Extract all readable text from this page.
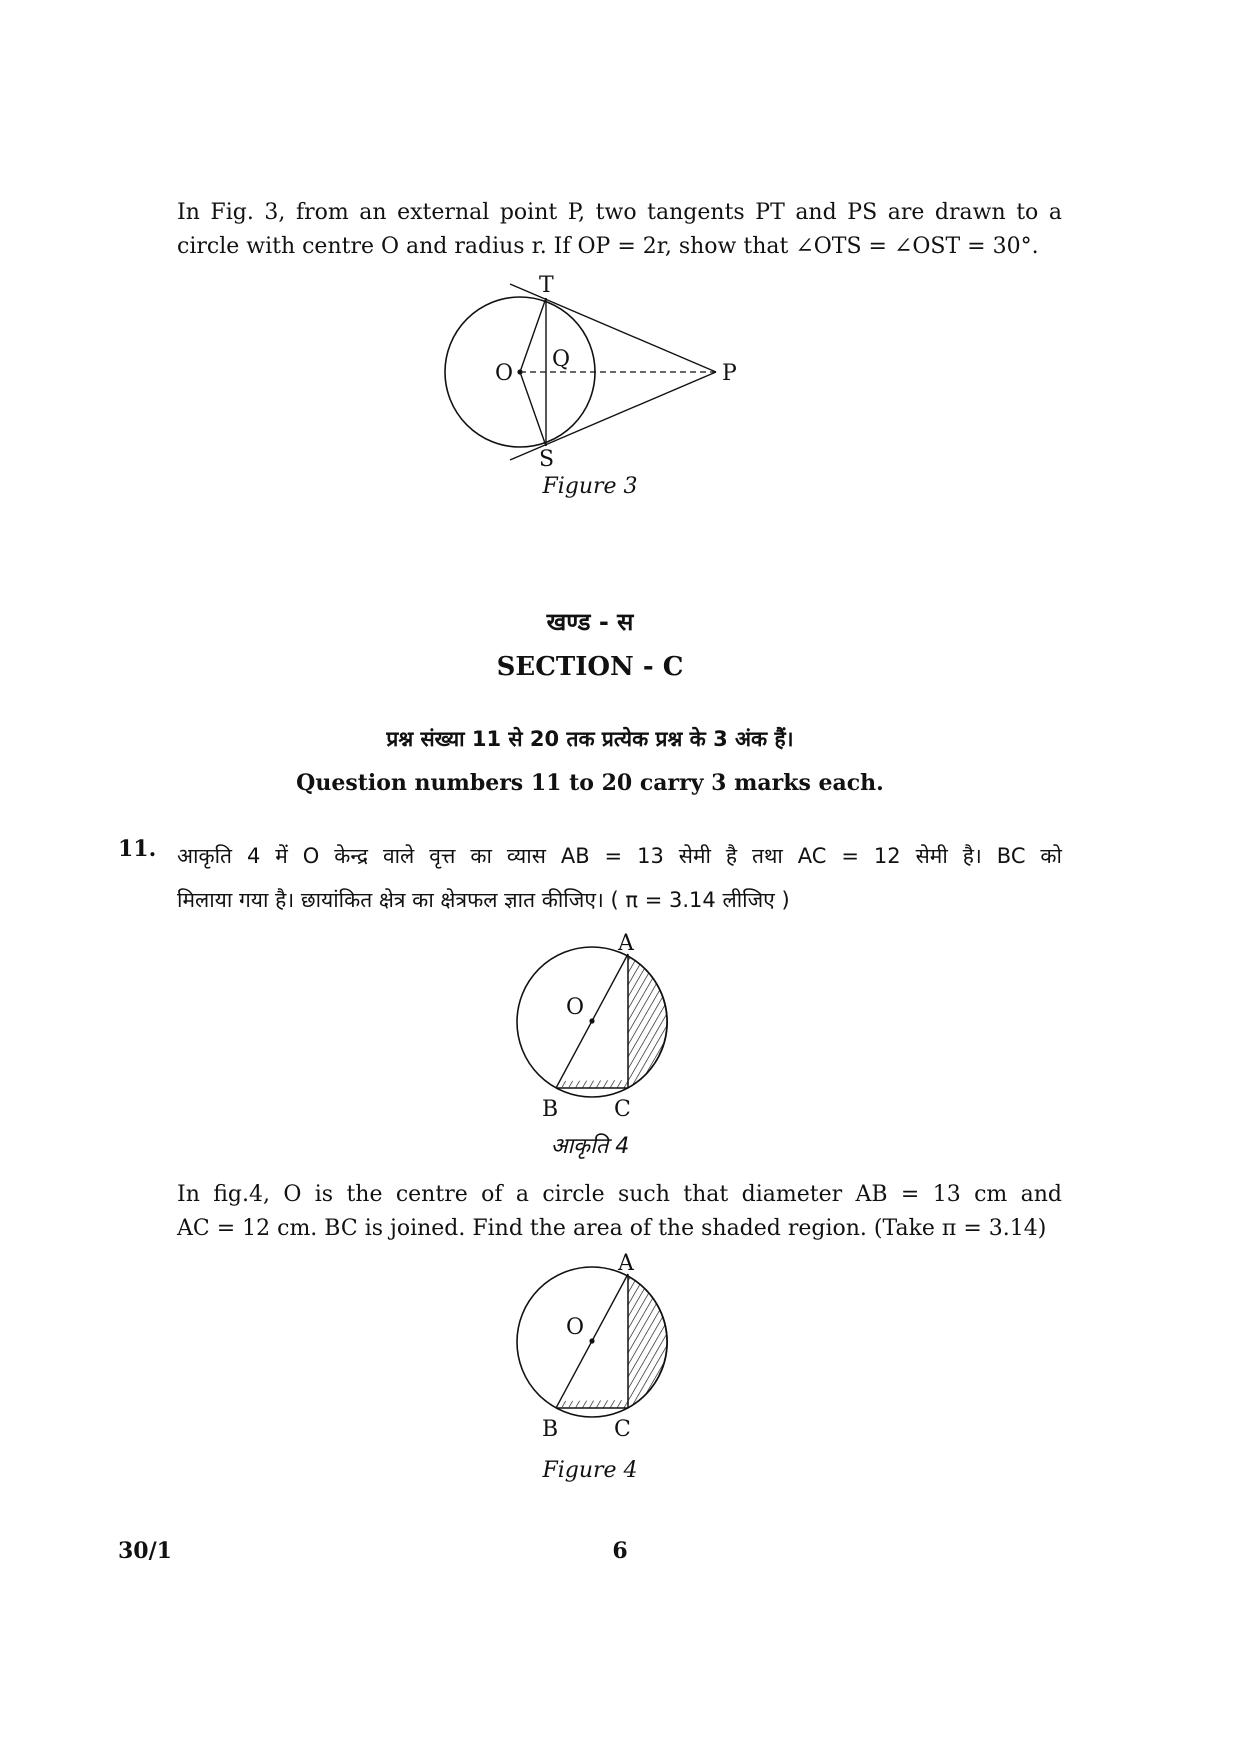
In Fig. 3, from an external point P, two tangents PT and PS are drawn to a
circle with centre O and radius r. If OP = 2r, show that ∠OTS = ∠OST = 30°.
T
O
Q
P
S
Figure 3
खण्ड - स
SECTION - C
प्रश्न संख्या 11 से 20 तक प्रत्येक प्रश्न के 3 अंक हैं।
Question numbers 11 to 20 carry 3 marks each.
11. आकृति 4 में O केन्द्र वाले वृत्त का व्यास AB = 13 सेमी है तथा AC = 12 सेमी है। BC को
मिलाया गया है। छायांकित क्षेत्र का क्षेत्रफल ज्ञात कीजिए। ( π = 3.14 लीजिए )
A
O
B	C
आकृति 4
In fig.4, O is the centre of a circle such that diameter AB = 13 cm and
AC = 12 cm. BC is joined. Find the area of the shaded region. (Take π = 3.14)
A
O
B	C
Figure 4
30/1	6
